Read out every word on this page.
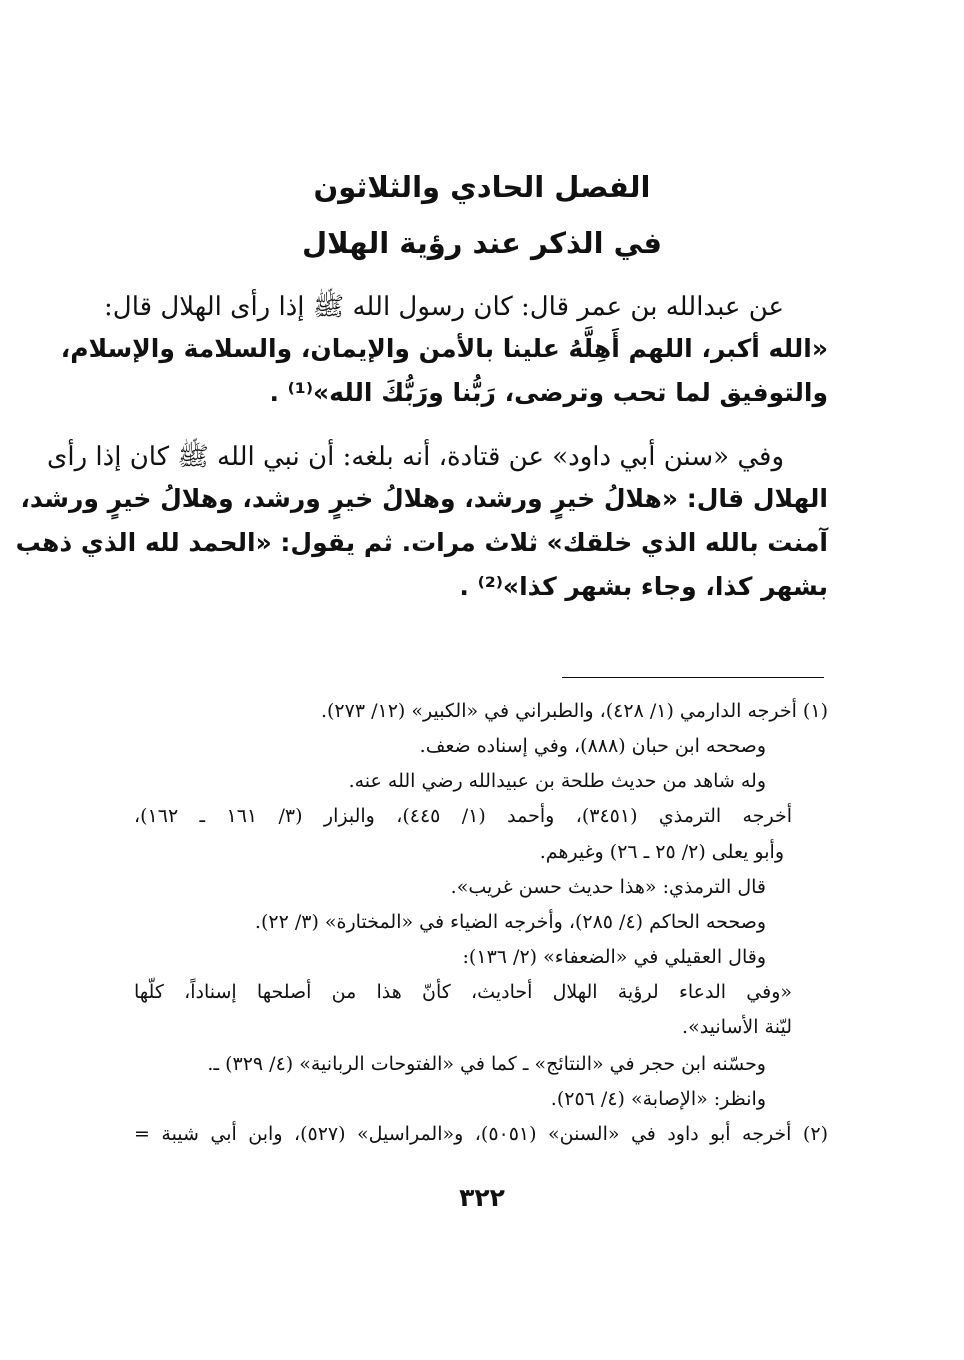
الفصل الحادي والثلاثون
في الذكر عند رؤية الهلال
عن عبدالله بن عمر قال: كان رسول الله ﷺ إذا رأى الهلال قال:
«الله أكبر، اللهم أَهِلَّهُ علينا بالأمن والإيمان، والسلامة والإسلام،
والتوفيق لما تحب وترضى، رَبُّنا ورَبُّكَ الله»⁽¹⁾ .
وفي «سنن أبي داود» عن قتادة، أنه بلغه: أن نبي الله ﷺ كان إذا رأى
الهلال قال: «هلالُ خيرٍ ورشد، وهلالُ خيرٍ ورشد، وهلالُ خيرٍ ورشد،
آمنت بالله الذي خلقك» ثلاث مرات. ثم يقول: «الحمد لله الذي ذهب
بشهر كذا، وجاء بشهر كذا»⁽²⁾ .
(١) أخرجه الدارمي (١/ ٤٢٨)، والطبراني في «الكبير» (١٢/ ٢٧٣).
وصححه ابن حبان (٨٨٨)، وفي إسناده ضعف.
وله شاهد من حديث طلحة بن عبيدالله رضي الله عنه.
أخرجه الترمذي (٣٤٥١)، وأحمد (١/ ٤٤٥)، والبزار (٣/ ١٦١ ـ ١٦٢)،
وأبو يعلى (٢/ ٢٥ ـ ٢٦) وغيرهم.
قال الترمذي: «هذا حديث حسن غريب».
وصححه الحاكم (٤/ ٢٨٥)، وأخرجه الضياء في «المختارة» (٣/ ٢٢).
وقال العقيلي في «الضعفاء» (٢/ ١٣٦):
«وفي الدعاء لرؤية الهلال أحاديث، كأنّ هذا من أصلحها إسناداً، كلّها
ليّنة الأسانيد».
وحسّنه ابن حجر في «النتائج» ـ كما في «الفتوحات الربانية» (٤/ ٣٢٩) ـ.
وانظر: «الإصابة» (٤/ ٢٥٦).
(٢) أخرجه أبو داود في «السنن» (٥٠٥١)، و«المراسيل» (٥٢٧)، وابن أبي شيبة =
٣٢٢
